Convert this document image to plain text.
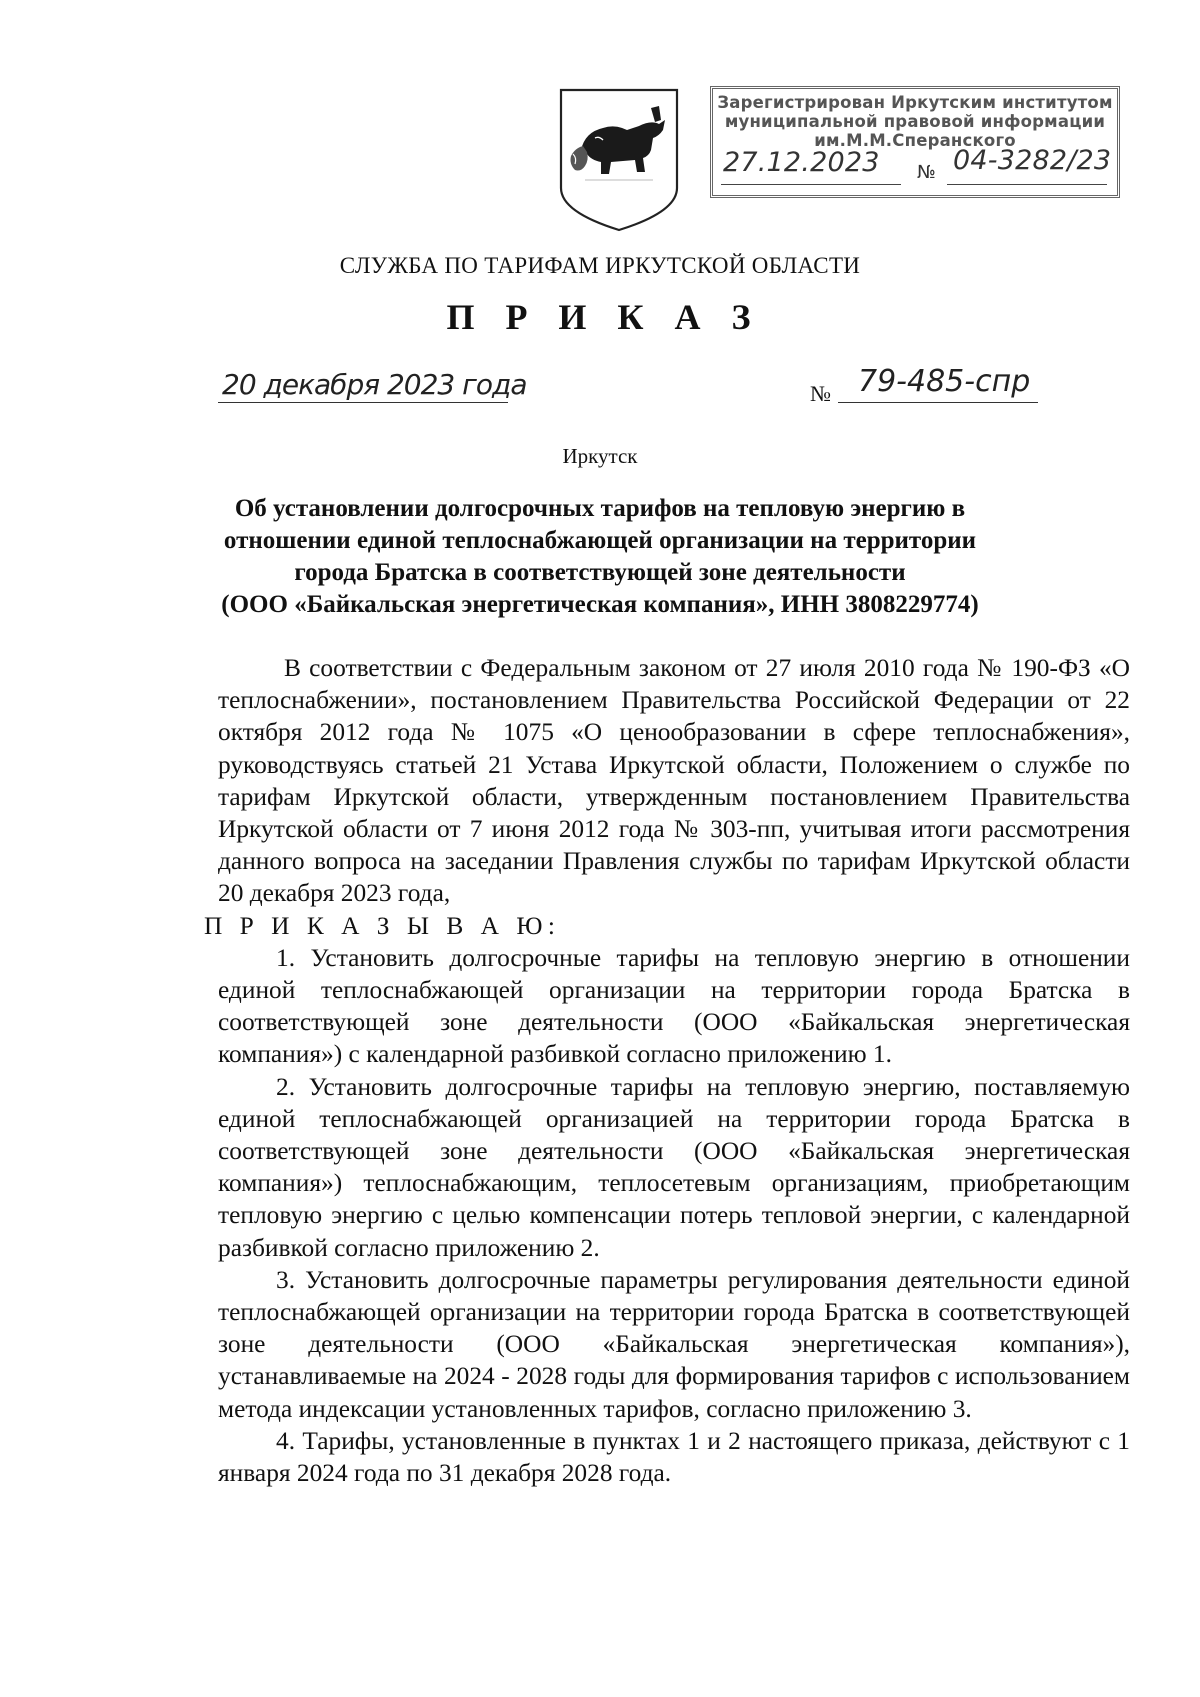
Зарегистрирован Иркутским институтом
муниципальной правовой информации
им.М.М.Сперанского
27.12.2023 № 04-3282/23
СЛУЖБА ПО ТАРИФАМ ИРКУТСКОЙ ОБЛАСТИ
П Р И К А З
20 декабря 2023 года	№ 79-485-спр
Иркутск
Об установлении долгосрочных тарифов на тепловую энергию в
отношении единой теплоснабжающей организации на территории
города Братска в соответствующей зоне деятельности
(ООО «Байкальская энергетическая компания», ИНН 3808229774)

В соответствии с Федеральным законом от 27 июля 2010 года № 190-ФЗ «О теплоснабжении», постановлением Правительства Российской Федерации от 22 октября 2012 года № 1075 «О ценообразовании в сфере теплоснабжения», руководствуясь статьей 21 Устава Иркутской области, Положением о службе по тарифам Иркутской области, утвержденным постановлением Правительства Иркутской области от 7 июня 2012 года № 303-пп, учитывая итоги рассмотрения данного вопроса на заседании Правления службы по тарифам Иркутской области 20 декабря 2023 года,

П Р И К А З Ы В А Ю:

1. Установить долгосрочные тарифы на тепловую энергию в отношении единой теплоснабжающей организации на территории города Братска в соответствующей зоне деятельности (ООО «Байкальская энергетическая компания») с календарной разбивкой согласно приложению 1.

2. Установить долгосрочные тарифы на тепловую энергию, поставляемую единой теплоснабжающей организацией на территории города Братска в соответствующей зоне деятельности (ООО «Байкальская энергетическая компания») теплоснабжающим, теплосетевым организациям, приобретающим тепловую энергию с целью компенсации потерь тепловой энергии, с календарной разбивкой согласно приложению 2.

3. Установить долгосрочные параметры регулирования деятельности единой теплоснабжающей организации на территории города Братска в соответствующей зоне деятельности (ООО «Байкальская энергетическая компания»), устанавливаемые на 2024 - 2028 годы для формирования тарифов с использованием метода индексации установленных тарифов, согласно приложению 3.

4. Тарифы, установленные в пунктах 1 и 2 настоящего приказа, действуют с 1 января 2024 года по 31 декабря 2028 года.
